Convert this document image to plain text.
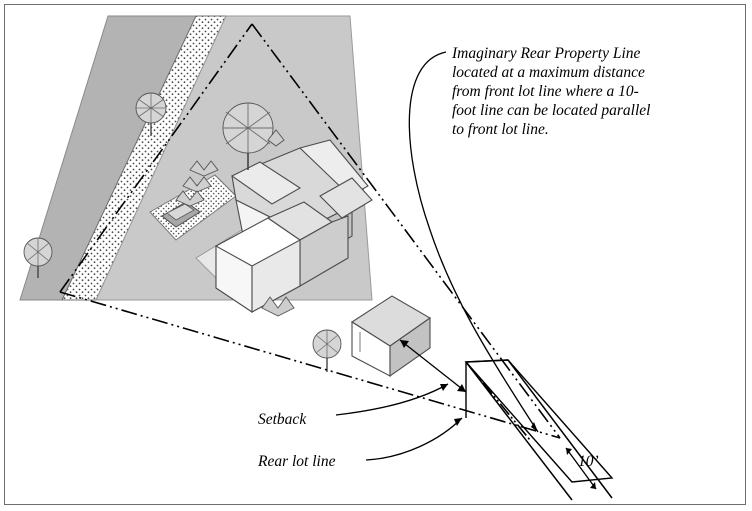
Imaginary Rear Property Line located at a maximum distance from front lot line where a 10-foot line can be located parallel to front lot line.
Setback
Rear lot line	10’
